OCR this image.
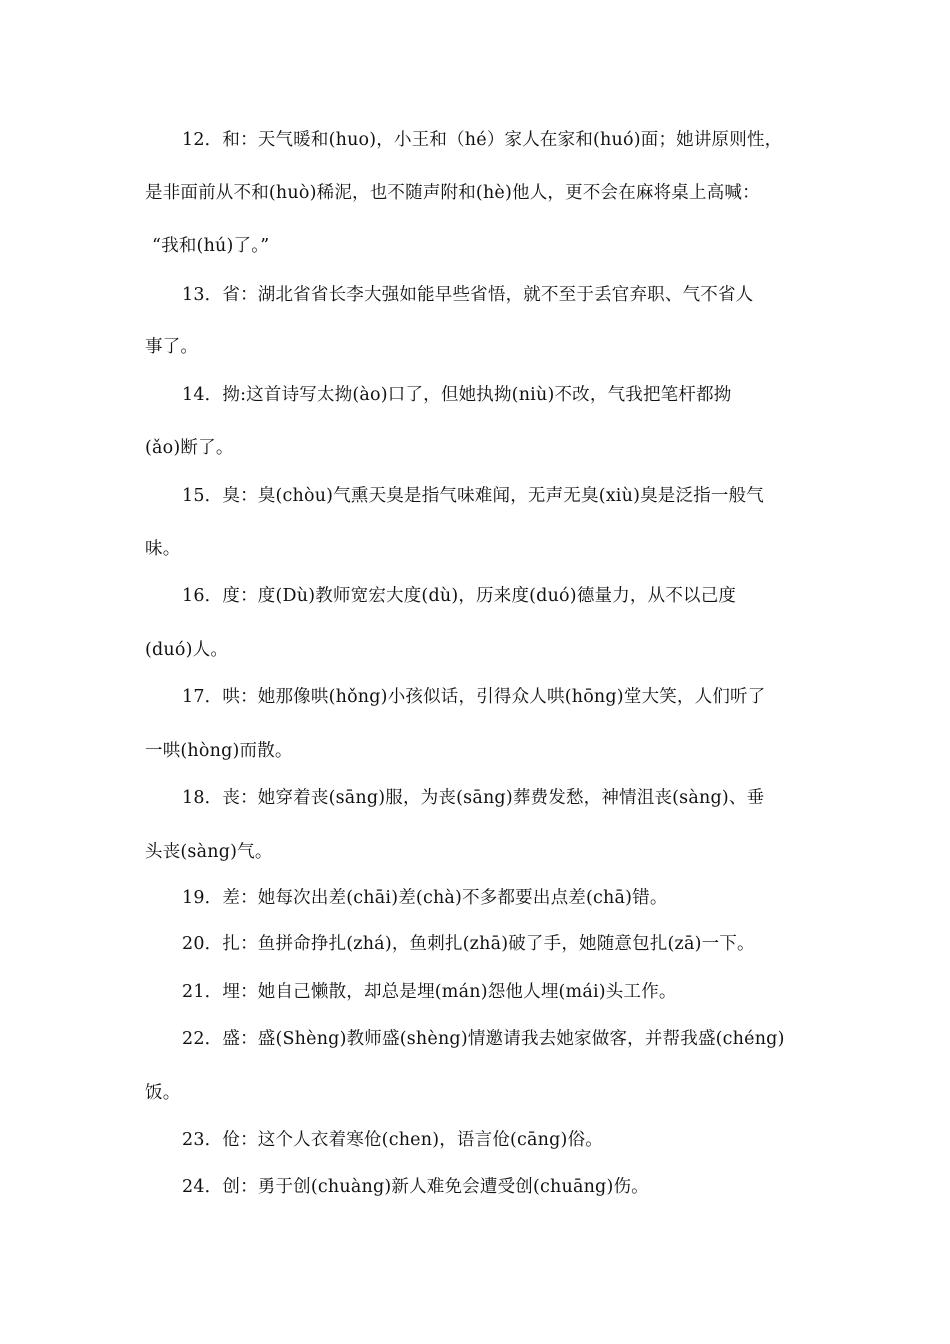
12．和：天气暖和(huo)，小王和（hé）家人在家和(huó)面；她讲原则性，
是非面前从不和(huò)稀泥，也不随声附和(hè)他人，更不会在麻将桌上高喊：
“我和(hú)了。”
13．省：湖北省省长李大强如能早些省悟，就不至于丢官弃职、气不省人
事了。
14．拗:这首诗写太拗(ào)口了，但她执拗(niù)不改，气我把笔杆都拗
(ǎo)断了。
15．臭：臭(chòu)气熏天臭是指气味难闻，无声无臭(xiù)臭是泛指一般气
味。
16．度：度(Dù)教师宽宏大度(dù)，历来度(duó)德量力，从不以己度
(duó)人。
17．哄：她那像哄(hǒng)小孩似话，引得众人哄(hōng)堂大笑，人们听了
一哄(hòng)而散。
18．丧：她穿着丧(sāng)服，为丧(sāng)葬费发愁，神情沮丧(sàng)、垂
头丧(sàng)气。
19．差：她每次出差(chāi)差(chà)不多都要出点差(chā)错。
20．扎：鱼拼命挣扎(zhá)，鱼刺扎(zhā)破了手，她随意包扎(zā)一下。
21．埋：她自己懒散，却总是埋(mán)怨他人埋(mái)头工作。
22．盛：盛(Shèng)教师盛(shèng)情邀请我去她家做客，并帮我盛(chéng)
饭。
23．伧：这个人衣着寒伧(chen)，语言伧(cāng)俗。
24．创：勇于创(chuàng)新人难免会遭受创(chuāng)伤。
